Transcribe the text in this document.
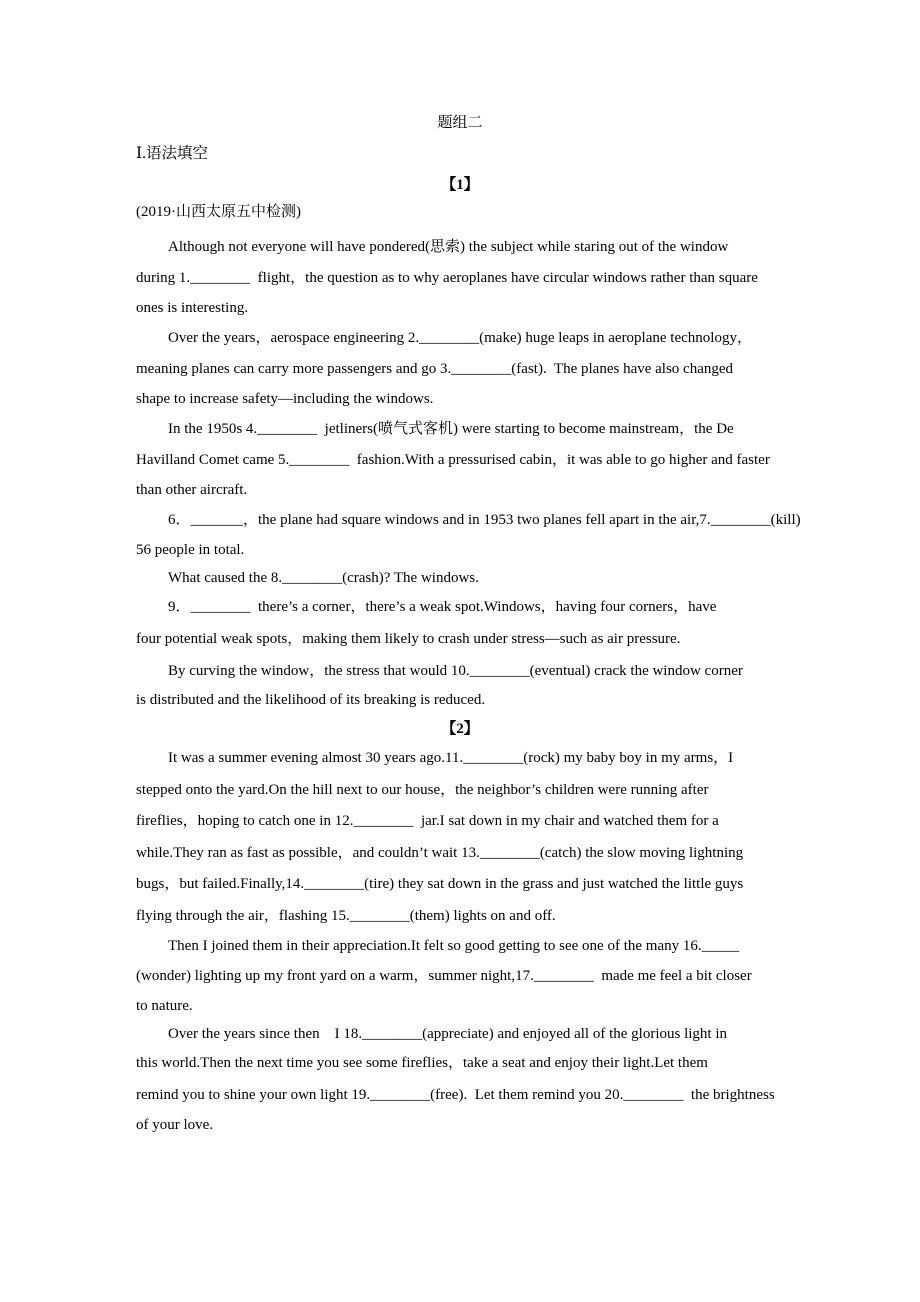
题组二
Ⅰ.语法填空
【1】
(2019·山西太原五中检测)
Although not everyone will have pondered(思索) the subject while staring out of the window
during 1.________  flight，the question as to why aeroplanes have circular windows rather than square
ones is interesting.
Over the years，aerospace engineering 2.________(make) huge leaps in aeroplane technology，
meaning planes can carry more passengers and go 3.________(fast).  The planes have also changed
shape to increase safety—including the windows.
In the 1950s 4.________  jetliners(喷气式客机) were starting to become mainstream，the De
Havilland Comet came 5.________  fashion.With a pressurised cabin，it was able to go higher and faster
than other aircraft.
6．_______，the plane had square windows and in 1953 two planes fell apart in the air,7.________(kill)
56 people in total.
What caused the 8.________(crash)? The windows.
9．________  there’s a corner，there’s a weak spot.Windows，having four corners，have
four potential weak spots，making them likely to crash under stress—such as air pressure.
By curving the window，the stress that would 10.________(eventual) crack the window corner
is distributed and the likelihood of its breaking is reduced.
【2】
It was a summer evening almost 30 years ago.11.________(rock) my baby boy in my arms，I
stepped onto the yard.On the hill next to our house，the neighbor’s children were running after
fireflies，hoping to catch one in 12.________  jar.I sat down in my chair and watched them for a
while.They ran as fast as possible，and couldn’t wait 13.________(catch) the slow moving lightning
bugs，but failed.Finally,14.________(tire) they sat down in the grass and just watched the little guys
flying through the air，flashing 15.________(them) lights on and off.
Then I joined them in their appreciation.It felt so good getting to see one of the many 16._____
(wonder) lighting up my front yard on a warm，summer night,17.________  made me feel a bit closer
to nature.
Over the years since then    I 18.________(appreciate) and enjoyed all of the glorious light in
this world.Then the next time you see some fireflies，take a seat and enjoy their light.Let them
remind you to shine your own light 19.________(free).  Let them remind you 20.________  the brightness
of your love.
